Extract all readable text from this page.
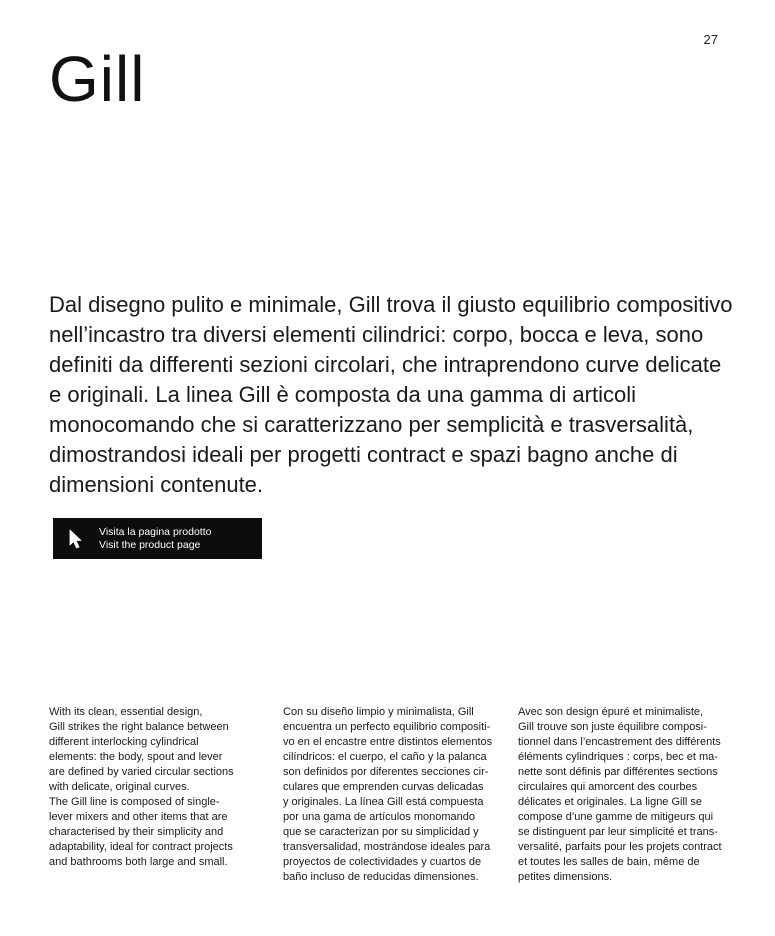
27
Gill

Dal disegno pulito e minimale, Gill trova il giusto equilibrio compositivo nell’incastro tra diversi elementi cilindrici: corpo, bocca e leva, sono definiti da differenti sezioni circolari, che intraprendono curve delicate e originali. La linea Gill è composta da una gamma di articoli monocomando che si caratterizzano per semplicità e trasversalità, dimostrandosi ideali per progetti contract e spazi bagno anche di dimensioni contenute.

Visita la pagina prodotto
Visit the product page
With its clean, essential design,
Gill strikes the right balance between
different interlocking cylindrical
elements: the body, spout and lever
are defined by varied circular sections
with delicate, original curves.
The Gill line is composed of single-
lever mixers and other items that are
characterised by their simplicity and
adaptability, ideal for contract projects
and bathrooms both large and small.
Con su diseño limpio y minimalista, Gill
encuentra un perfecto equilibrio compositi-
vo en el encastre entre distintos elementos
cilíndricos: el cuerpo, el caño y la palanca
son definidos por diferentes secciones cir-
culares que emprenden curvas delicadas
y originales. La línea Gill está compuesta
por una gama de artículos monomando
que se caracterizan por su simplicidad y
transversalidad, mostrándose ideales para
proyectos de colectividades y cuartos de
baño incluso de reducidas dimensiones.
Avec son design épuré et minimaliste,
Gill trouve son juste équilibre composi-
tionnel dans l’encastrement des différents
éléments cylindriques : corps, bec et ma-
nette sont définis par différentes sections
circulaires qui amorcent des courbes
délicates et originales. La ligne Gill se
compose d’une gamme de mitigeurs qui
se distinguent par leur simplicité et trans-
versalité, parfaits pour les projets contract
et toutes les salles de bain, même de
petites dimensions.
